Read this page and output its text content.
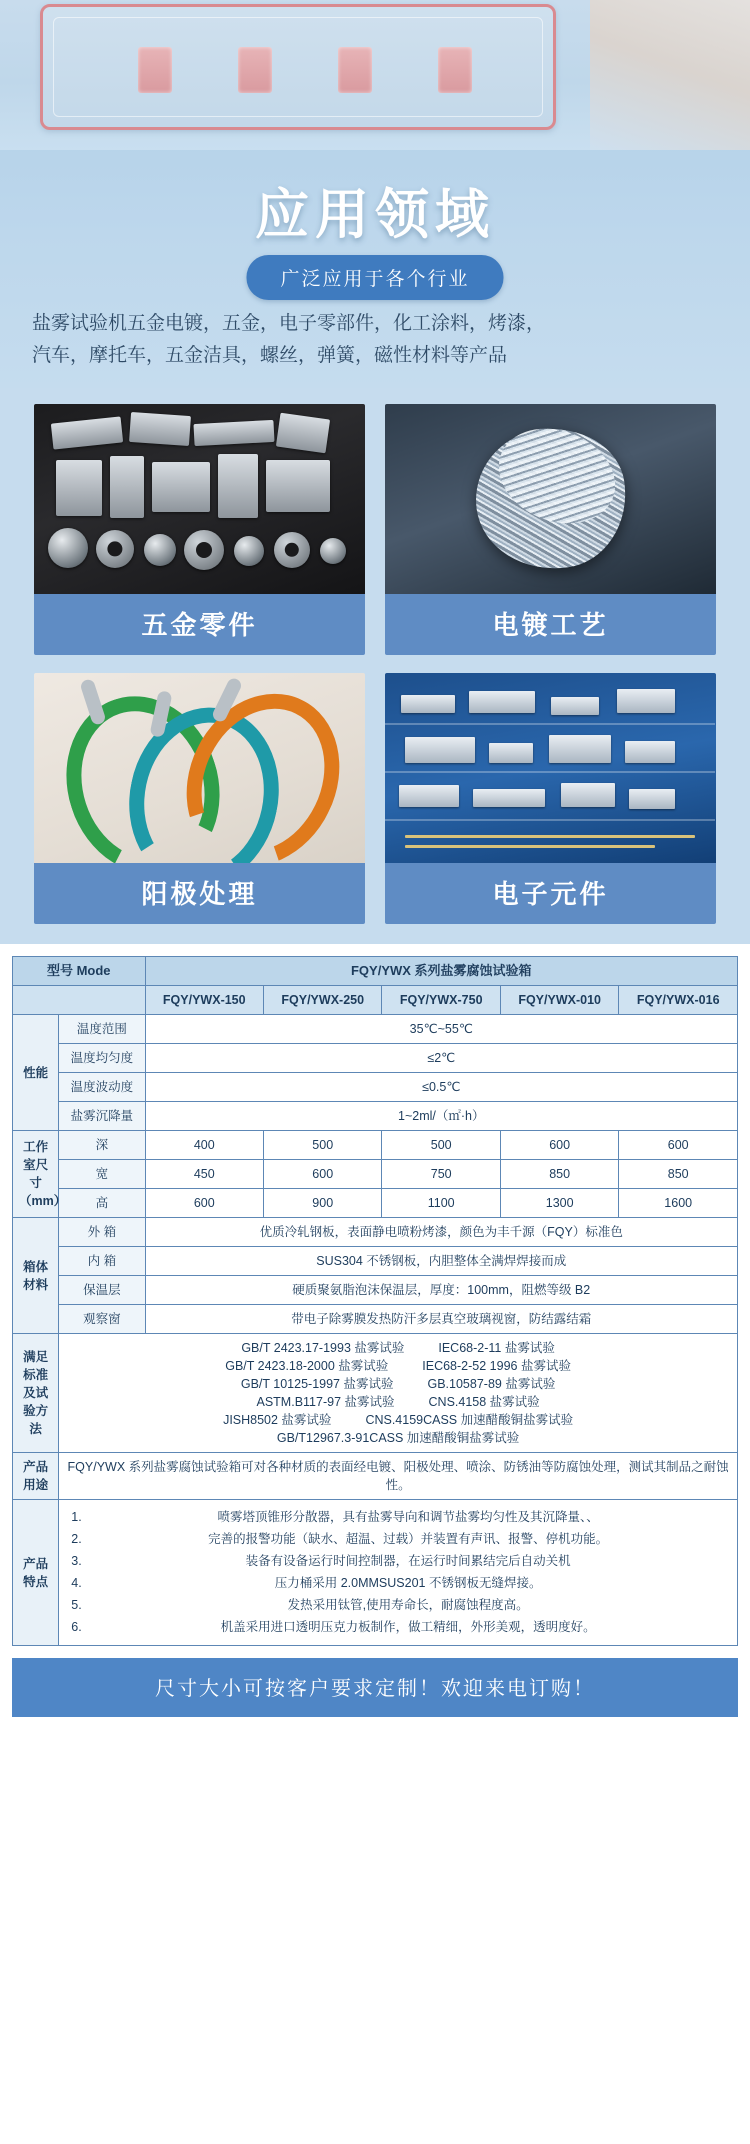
应用领域
广泛应用于各个行业
盐雾试验机五金电镀，五金，电子零部件，化工涂料，烤漆，
汽车，摩托车，五金洁具，螺丝，弹簧，磁性材料等产品
五金零件	电镀工艺
阳极处理	电子元件
型号 Mode		FQY/YWX 系列盐雾腐蚀试验箱				
		FQY/YWX-150	FQY/YWX-250	FQY/YWX-750	FQY/YWX-010	FQY/YWX-016
性能	温度范围	35℃~55℃				
	温度均匀度	≤2℃				
	温度波动度	≤0.5℃				
	盐雾沉降量	1~2ml/（㎡·h）				
工作室尺寸（mm）	深	400	500	500	600	600
	宽	450	600	750	850	850
	高	600	900	1100	1300	1600
箱体材料	外 箱	优质冷轧钢板，表面静电喷粉烤漆，颜色为丰千源（FQY）标准色				
	内 箱	SUS304 不锈钢板，内胆整体全满焊焊接而成				
	保温层	硬质聚氨脂泡沫保温层，厚度：100mm，阻燃等级 B2				
	观察窗	带电子除雾膜发热防汗多层真空玻璃视窗，防结露结霜				
满足标准及试验方法	
GB/T 2423.17-1993 盐雾试验	IEC68-2-11 盐雾试验
GB/T 2423.18-2000 盐雾试验	IEC68-2-52 1996 盐雾试验
GB/T 10125-1997 盐雾试验	GB.10587-89 盐雾试验
ASTM.B117-97 盐雾试验	CNS.4158 盐雾试验
JISH8502 盐雾试验	CNS.4159CASS 加速醋酸铜盐雾试验
GB/T12967.3-91CASS 加速醋酸铜盐雾试验

产品用途	FQY/YWX 系列盐雾腐蚀试验箱可对各种材质的表面经电镀、阳极处理、喷涂、防锈油等防腐蚀处理，测试其制品之耐蚀性。					
产品特点	
1. 喷雾塔顶锥形分散器，具有盐雾导向和调节盐雾均匀性及其沉降量、、
2. 完善的报警功能（缺水、超温、过载）并装置有声讯、报警、停机功能。
3. 装备有设备运行时间控制器，在运行时间累结完后自动关机
4. 压力桶采用 2.0MMSUS201 不锈钢板无缝焊接。
5. 发热采用钛管,使用寿命长，耐腐蚀程度高。
6. 机盖采用进口透明压克力板制作，做工精细，外形美观，透明度好。
尺寸大小可按客户要求定制！欢迎来电订购！
